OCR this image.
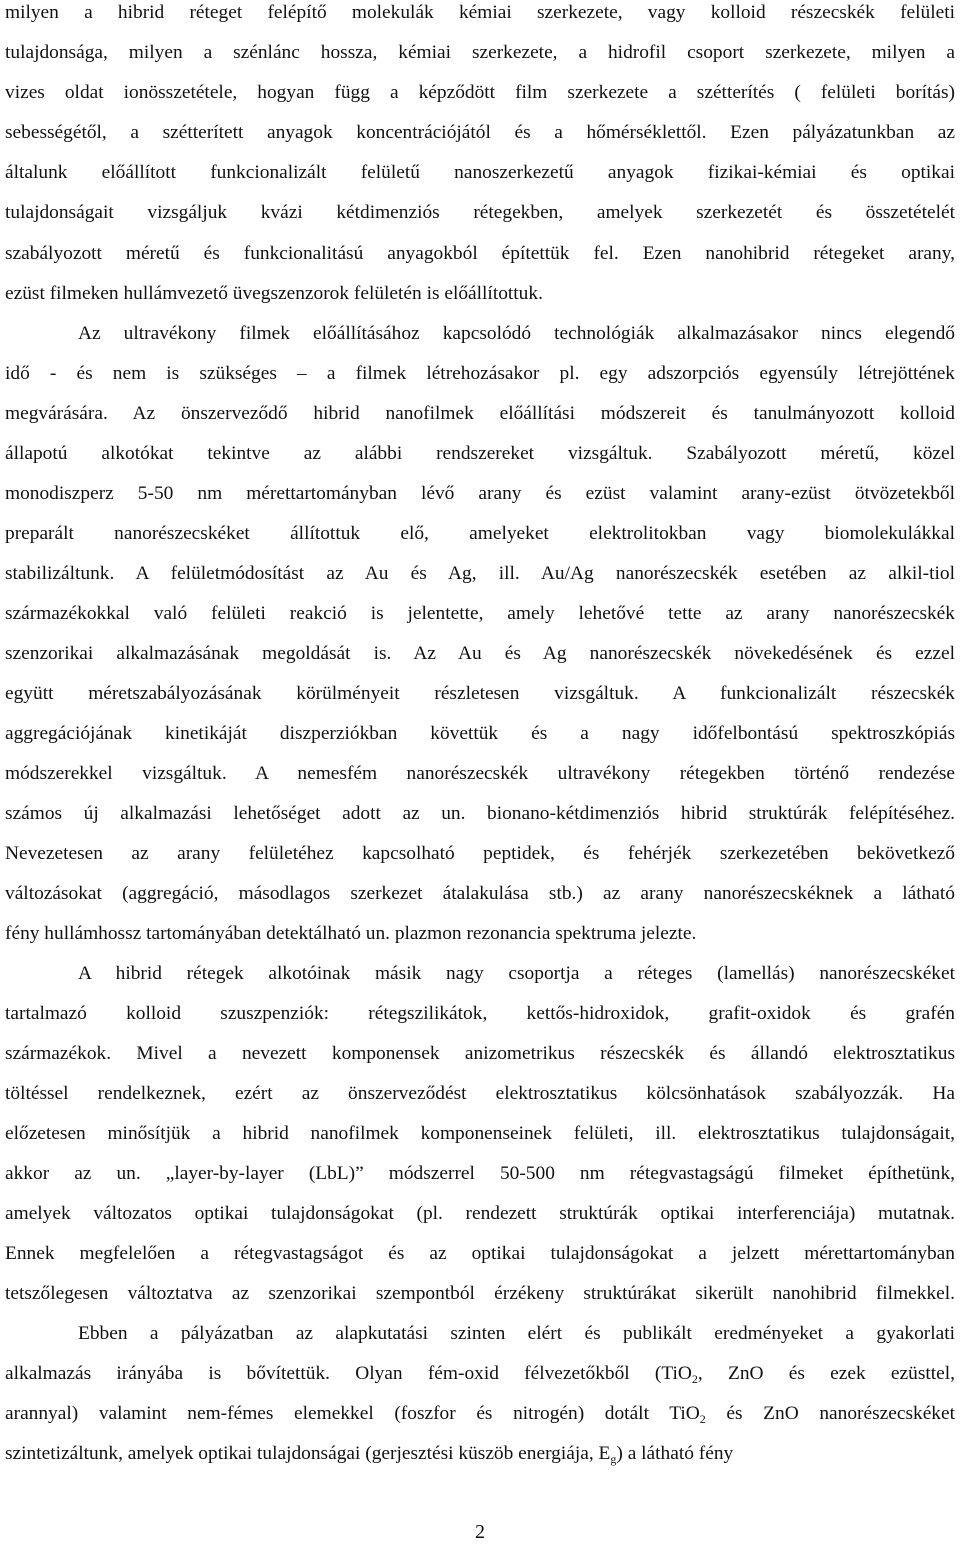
milyen a hibrid réteget felépítő molekulák kémiai szerkezete, vagy kolloid részecskék felületi
tulajdonsága, milyen a szénlánc hossza, kémiai szerkezete, a hidrofil csoport szerkezete, milyen a
vizes oldat ionösszetétele, hogyan függ a képződött film szerkezete a szétterítés ( felületi borítás)
sebességétől, a szétterített anyagok koncentrációjától és a hőmérséklettől. Ezen pályázatunkban az
általunk előállított funkcionalizált felületű nanoszerkezetű anyagok fizikai-kémiai és optikai
tulajdonságait vizsgáljuk kvázi kétdimenziós rétegekben, amelyek szerkezetét és összetételét
szabályozott méretű és funkcionalitású anyagokból építettük fel. Ezen nanohibrid rétegeket arany,
ezüst filmeken hullámvezető üvegszenzorok felületén is előállítottuk.
Az ultravékony filmek előállításához kapcsolódó technológiák alkalmazásakor nincs elegendő
idő - és nem is szükséges – a filmek létrehozásakor pl. egy adszorpciós egyensúly létrejöttének
megvárására. Az önszerveződő hibrid nanofilmek előállítási módszereit és tanulmányozott kolloid
állapotú alkotókat tekintve az alábbi rendszereket vizsgáltuk. Szabályozott méretű, közel
monodiszperz 5-50 nm mérettartományban lévő arany és ezüst valamint arany-ezüst ötvözetekből
preparált nanorészecskéket állítottuk elő, amelyeket elektrolitokban vagy biomolekulákkal
stabilizáltunk. A felületmódosítást az Au és Ag, ill. Au/Ag nanorészecskék esetében az alkil-tiol
származékokkal való felületi reakció is jelentette, amely lehetővé tette az arany nanorészecskék
szenzorikai alkalmazásának megoldását is. Az Au és Ag nanorészecskék növekedésének és ezzel
együtt méretszabályozásának körülményeit részletesen vizsgáltuk. A funkcionalizált részecskék
aggregációjának kinetikáját diszperziókban követtük és a nagy időfelbontású spektroszkópiás
módszerekkel vizsgáltuk. A nemesfém nanorészecskék ultravékony rétegekben történő rendezése
számos új alkalmazási lehetőséget adott az un. bionano-kétdimenziós hibrid struktúrák felépítéséhez.
Nevezetesen az arany felületéhez kapcsolható peptidek, és fehérjék szerkezetében bekövetkező
változásokat (aggregáció, másodlagos szerkezet átalakulása stb.) az arany nanorészecskéknek a látható
fény hullámhossz tartományában detektálható un. plazmon rezonancia spektruma jelezte.
A hibrid rétegek alkotóinak másik nagy csoportja a réteges (lamellás) nanorészecskéket
tartalmazó kolloid szuszpenziók: rétegszilikátok, kettős-hidroxidok, grafit-oxidok és grafén
származékok. Mivel a nevezett komponensek anizometrikus részecskék és állandó elektrosztatikus
töltéssel rendelkeznek, ezért az önszerveződést elektrosztatikus kölcsönhatások szabályozzák. Ha
előzetesen minősítjük a hibrid nanofilmek komponenseinek felületi, ill. elektrosztatikus tulajdonságait,
akkor az un. „layer-by-layer (LbL)” módszerrel 50-500 nm rétegvastagságú filmeket építhetünk,
amelyek változatos optikai tulajdonságokat (pl. rendezett struktúrák optikai interferenciája) mutatnak.
Ennek megfelelően a rétegvastagságot és az optikai tulajdonságokat a jelzett mérettartományban
tetszőlegesen változtatva az szenzorikai szempontból érzékeny struktúrákat sikerült nanohibrid filmekkel.
Ebben a pályázatban az alapkutatási szinten elért és publikált eredményeket a gyakorlati
alkalmazás irányába is bővítettük. Olyan fém-oxid félvezetőkből (TiO$_2$, ZnO és ezek ezüsttel,
arannyal) valamint nem-fémes elemekkel (foszfor és nitrogén) dotált TiO$_2$ és ZnO nanorészecskéket
szintetizáltunk, amelyek optikai tulajdonságai (gerjesztési küszöb energiája, $E_g$) a látható fény
2
